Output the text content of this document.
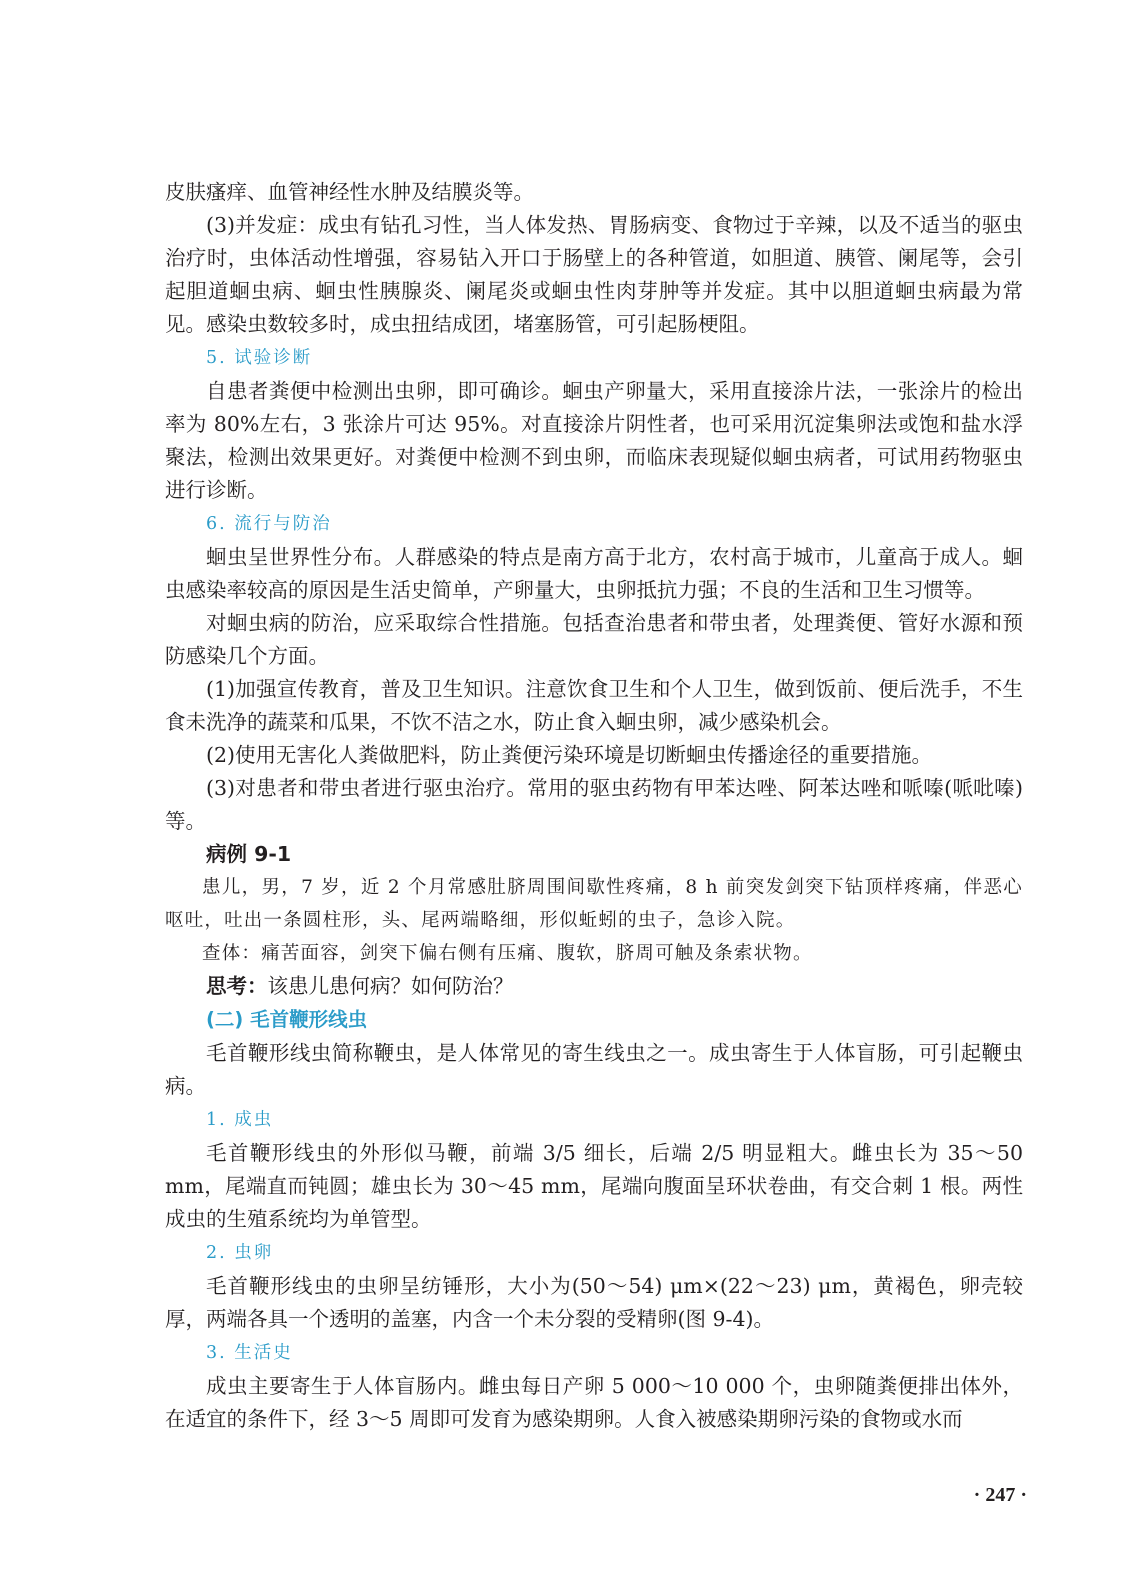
皮肤瘙痒、血管神经性水肿及结膜炎等。

(3)并发症：成虫有钻孔习性，当人体发热、胃肠病变、食物过于辛辣，以及不适当的驱虫治疗时，虫体活动性增强，容易钻入开口于肠壁上的各种管道，如胆道、胰管、阑尾等，会引起胆道蛔虫病、蛔虫性胰腺炎、阑尾炎或蛔虫性肉芽肿等并发症。其中以胆道蛔虫病最为常见。感染虫数较多时，成虫扭结成团，堵塞肠管，可引起肠梗阻。

5. 试验诊断

自患者粪便中检测出虫卵，即可确诊。蛔虫产卵量大，采用直接涂片法，一张涂片的检出率为 80%左右，3 张涂片可达 95%。对直接涂片阴性者，也可采用沉淀集卵法或饱和盐水浮聚法，检测出效果更好。对粪便中检测不到虫卵，而临床表现疑似蛔虫病者，可试用药物驱虫进行诊断。

6. 流行与防治

蛔虫呈世界性分布。人群感染的特点是南方高于北方，农村高于城市，儿童高于成人。蛔虫感染率较高的原因是生活史简单，产卵量大，虫卵抵抗力强；不良的生活和卫生习惯等。

对蛔虫病的防治，应采取综合性措施。包括查治患者和带虫者，处理粪便、管好水源和预防感染几个方面。

(1)加强宣传教育，普及卫生知识。注意饮食卫生和个人卫生，做到饭前、便后洗手，不生食未洗净的蔬菜和瓜果，不饮不洁之水，防止食入蛔虫卵，减少感染机会。

(2)使用无害化人粪做肥料，防止粪便污染环境是切断蛔虫传播途径的重要措施。

(3)对患者和带虫者进行驱虫治疗。常用的驱虫药物有甲苯达唑、阿苯达唑和哌嗪(哌吡嗪)等。

病例 9-1

患儿，男，7 岁，近 2 个月常感肚脐周围间歇性疼痛，8 h 前突发剑突下钻顶样疼痛，伴恶心呕吐，吐出一条圆柱形，头、尾两端略细，形似蚯蚓的虫子，急诊入院。

查体：痛苦面容，剑突下偏右侧有压痛、腹软，脐周可触及条索状物。

思考：该患儿患何病？如何防治？

(二) 毛首鞭形线虫

毛首鞭形线虫简称鞭虫，是人体常见的寄生线虫之一。成虫寄生于人体盲肠，可引起鞭虫病。

1. 成虫

毛首鞭形线虫的外形似马鞭，前端 3/5 细长，后端 2/5 明显粗大。雌虫长为 35～50 mm，尾端直而钝圆；雄虫长为 30～45 mm，尾端向腹面呈环状卷曲，有交合刺 1 根。两性成虫的生殖系统均为单管型。

2. 虫卵

毛首鞭形线虫的虫卵呈纺锤形，大小为(50～54) μm×(22～23) μm，黄褐色，卵壳较厚，两端各具一个透明的盖塞，内含一个未分裂的受精卵(图 9-4)。

3. 生活史

成虫主要寄生于人体盲肠内。雌虫每日产卵 5 000～10 000 个，虫卵随粪便排出体外，在适宜的条件下，经 3～5 周即可发育为感染期卵。人食入被感染期卵污染的食物或水而

· 247 ·
